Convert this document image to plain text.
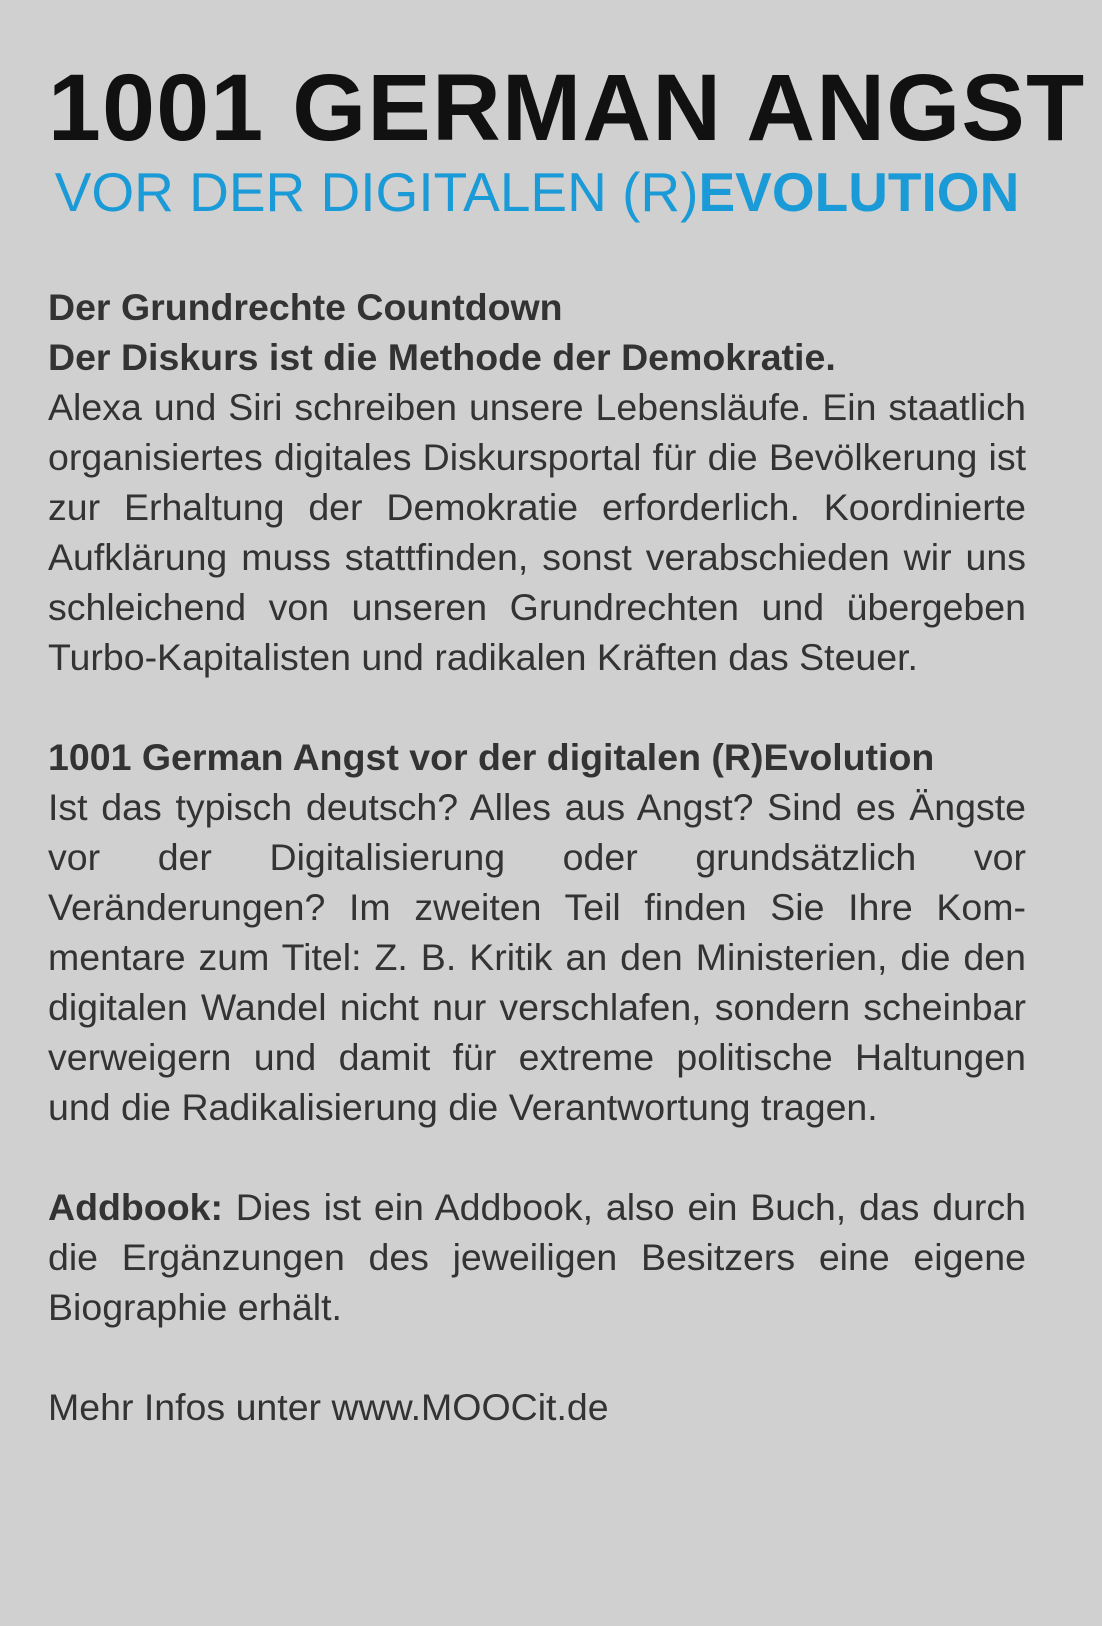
1001 GERMAN ANGST
VOR DER DIGITALEN (R)EVOLUTION
Der Grundrechte Countdown
Der Diskurs ist die Methode der Demokratie.
Alexa und Siri schreiben unsere Lebensläufe. Ein staatlich organisiertes digitales Diskursportal für die Bevölkerung ist zur Erhaltung der Demokratie erforderlich. Koordinierte Aufklärung muss stattfinden, sonst verabschieden wir uns schleichend von unseren Grundrechten und übergeben Turbo-Kapitalisten und radikalen Kräften das Steuer.
1001 German Angst vor der digitalen (R)Evolution
Ist das typisch deutsch? Alles aus Angst? Sind es Ängste vor der Digitalisierung oder grundsätzlich vor Veränderungen? Im zweiten Teil finden Sie Ihre Kommentare zum Titel: Z. B. Kritik an den Ministerien, die den digitalen Wandel nicht nur verschlafen, sondern scheinbar verweigern und damit für extreme politische Haltungen und die Radikalisierung die Verantwortung tragen.
Addbook: Dies ist ein Addbook, also ein Buch, das durch die Ergänzungen des jeweiligen Besitzers eine eigene Biographie erhält.
Mehr Infos unter www.MOOCit.de
